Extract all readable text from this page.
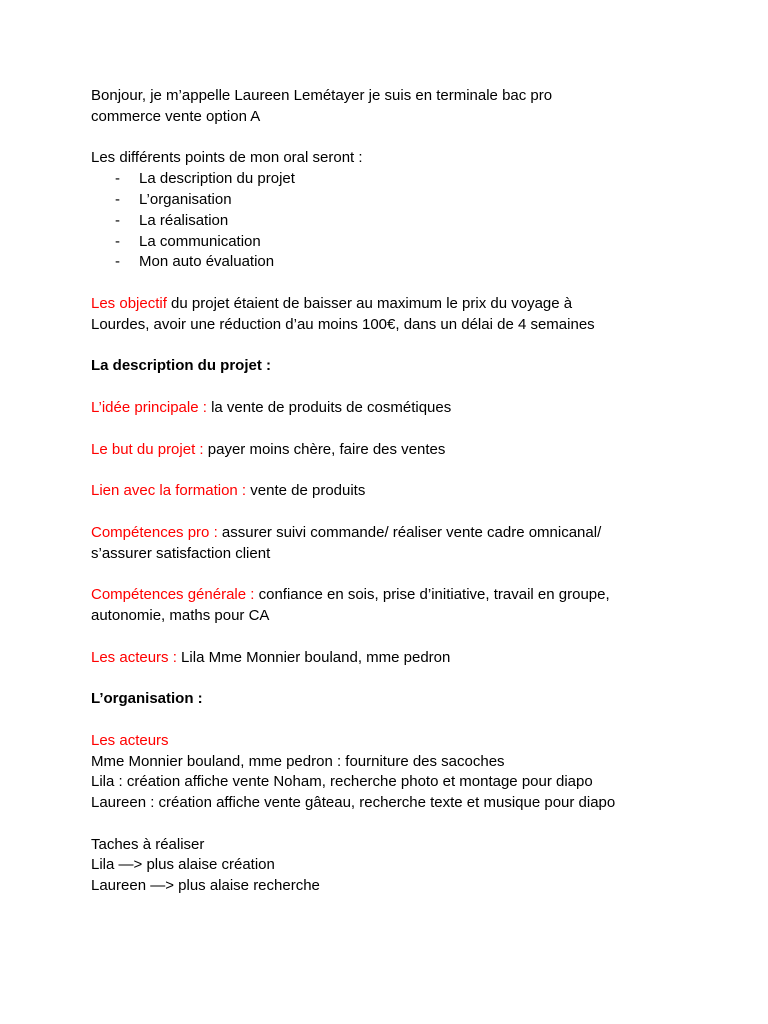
Bonjour, je m’appelle Laureen Lemétayer je suis en terminale bac pro
commerce vente option A
Les différents points de mon oral seront :
- La description du projet
- L’organisation
- La réalisation
- La communication
- Mon auto évaluation
Les objectif du projet étaient de baisser au maximum le prix du voyage à
Lourdes, avoir une réduction d’au moins 100€, dans un délai de 4 semaines
La description du projet :
L’idée principale : la vente de produits de cosmétiques
Le but du projet : payer moins chère, faire des ventes
Lien avec la formation : vente de produits
Compétences pro : assurer suivi commande/ réaliser vente cadre omnicanal/
s’assurer satisfaction client
Compétences générale : confiance en sois, prise d’initiative, travail en groupe,
autonomie, maths pour CA
Les acteurs : Lila Mme Monnier bouland, mme pedron
L’organisation :
Les acteurs
Mme Monnier bouland, mme pedron : fourniture des sacoches
Lila : création affiche vente Noham, recherche photo et montage pour diapo
Laureen : création affiche vente gâteau, recherche texte et musique pour diapo
Taches à réaliser
Lila —> plus alaise création
Laureen —> plus alaise recherche
